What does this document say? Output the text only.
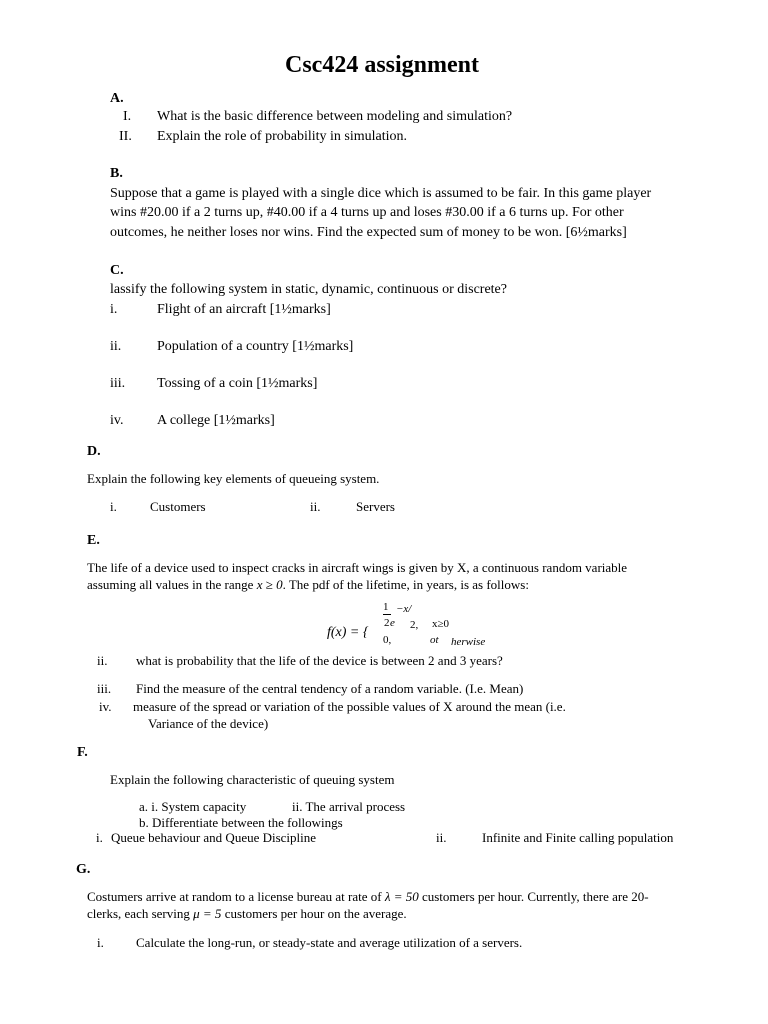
Csc424 assignment
A.
I. What is the basic difference between modeling and simulation?
II. Explain the role of probability in simulation.
B.
Suppose that a game is played with a single dice which is assumed to be fair. In this game player
wins #20.00 if a 2 turns up, #40.00 if a 4 turns up and loses #30.00 if a 6 turns up. For other
outcomes, he neither loses nor wins. Find the expected sum of money to be won. [6½marks]
C.
lassify the following system in static, dynamic, continuous or discrete?
i.	Flight of an aircraft [1½marks]
ii.	Population of a country [1½marks]
iii. Tossing of a coin [1½marks]
iv. A college [1½marks]
D.
Explain the following key elements of queueing system.
i.	Customers	ii.	Servers
E.
The life of a device used to inspect cracks in aircraft wings is given by X, a continuous random variable
assuming all values in the range x ≥ 0. The pdf of the lifetime, in years, is as follows:
1 −x/
2 e 2, x≥0
f(x) = { 0,	ot herwise
ii. what is probability that the life of the device is between 2 and 3 years?
iii. Find the measure of the central tendency of a random variable. (I.e. Mean)
iv. measure of the spread or variation of the possible values of X around the mean (i.e.
Variance of the device)
F.
Explain the following characteristic of queuing system
a. i. System capacity	ii. The arrival process
b. Differentiate between the followings
i. Queue behaviour and Queue Discipline	ii.	Infinite and Finite calling population
G.
Costumers arrive at random to a license bureau at rate of λ = 50 customers per hour. Currently, there are 20-
clerks, each serving μ = 5 customers per hour on the average.
i. Calculate the long-run, or steady-state and average utilization of a servers.
